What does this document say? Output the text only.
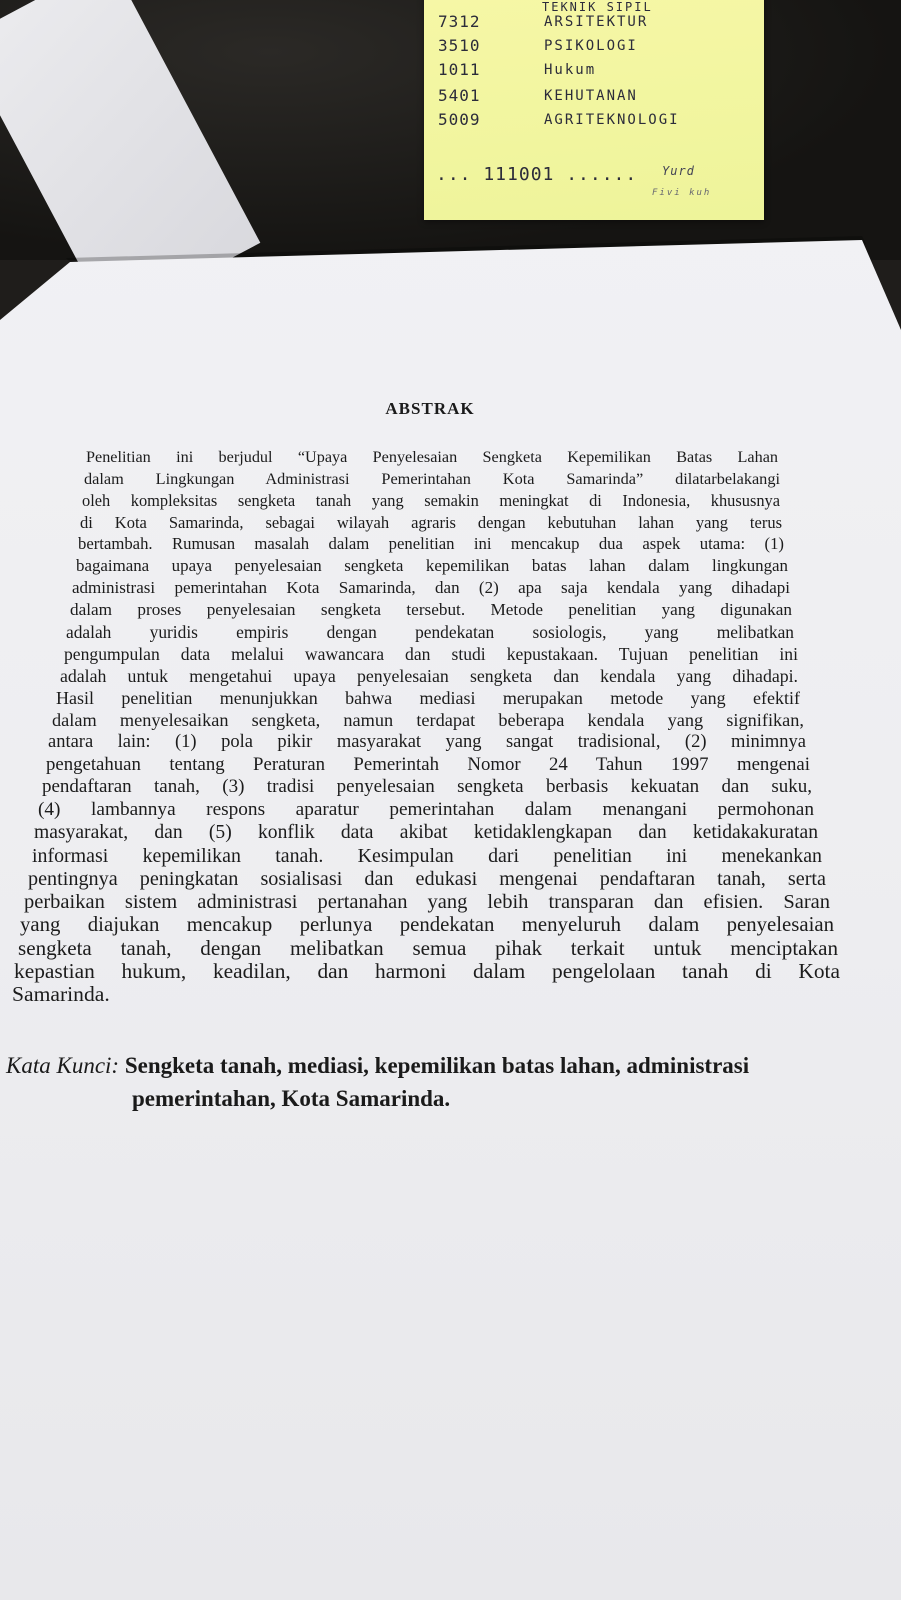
TEKNIK SIPIL
7312	ARSITEKTUR
3510	PSIKOLOGI
1011	Hukum
5401	KEHUTANAN
5009	AGRITEKNOLOGI
... 111001 ...... Yurd
Fivi kuh
ABSTRAK
Penelitian ini berjudul “Upaya Penyelesaian Sengketa Kepemilikan Batas Lahan
dalam Lingkungan Administrasi Pemerintahan Kota Samarinda” dilatarbelakangi
oleh kompleksitas sengketa tanah yang semakin meningkat di Indonesia, khususnya
di Kota Samarinda, sebagai wilayah agraris dengan kebutuhan lahan yang terus
bertambah. Rumusan masalah dalam penelitian ini mencakup dua aspek utama: (1)
bagaimana upaya penyelesaian sengketa kepemilikan batas lahan dalam lingkungan
administrasi pemerintahan Kota Samarinda, dan (2) apa saja kendala yang dihadapi
dalam proses penyelesaian sengketa tersebut. Metode penelitian yang digunakan
adalah yuridis empiris dengan pendekatan sosiologis, yang melibatkan
pengumpulan data melalui wawancara dan studi kepustakaan. Tujuan penelitian ini
adalah untuk mengetahui upaya penyelesaian sengketa dan kendala yang dihadapi.
Hasil penelitian menunjukkan bahwa mediasi merupakan metode yang efektif
dalam menyelesaikan sengketa, namun terdapat beberapa kendala yang signifikan,
antara lain: (1) pola pikir masyarakat yang sangat tradisional, (2) minimnya
pengetahuan tentang Peraturan Pemerintah Nomor 24 Tahun 1997 mengenai
pendaftaran tanah, (3) tradisi penyelesaian sengketa berbasis kekuatan dan suku,
(4) lambannya respons aparatur pemerintahan dalam menangani permohonan
masyarakat, dan (5) konflik data akibat ketidaklengkapan dan ketidakakuratan
informasi kepemilikan tanah. Kesimpulan dari penelitian ini menekankan
pentingnya peningkatan sosialisasi dan edukasi mengenai pendaftaran tanah, serta
perbaikan sistem administrasi pertanahan yang lebih transparan dan efisien. Saran
yang diajukan mencakup perlunya pendekatan menyeluruh dalam penyelesaian
sengketa tanah, dengan melibatkan semua pihak terkait untuk menciptakan
kepastian hukum, keadilan, dan harmoni dalam pengelolaan tanah di Kota
Samarinda.
Kata Kunci: Sengketa tanah, mediasi, kepemilikan batas lahan, administrasi
pemerintahan, Kota Samarinda.
